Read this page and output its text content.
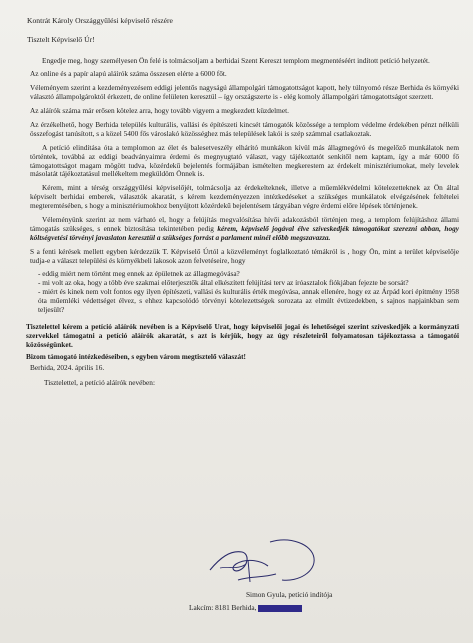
Kontrát Károly Országgyűlési képviselő részére
Tisztelt Képviselő Úr!

Engedje meg, hogy személyesen Ön felé is tolmácsoljam a berhidai Szent Kereszt templom megmentéséért indított petíció helyzetét.

Az online és a papír alapú aláírók száma összesen elérte a 6000 főt.

Véleményem szerint a kezdeményezésem eddigi jelentős nagyságú állampolgári támogatottságot kapott, hely túlnyomó része Berhida és környéki választó állampolgároktól érkezett, de online felületen keresztül – így országszerte is - elég komoly állampolgári támogatottságot szerzett.

Az aláírók száma már erősen kötelez arra, hogy tovább vigyem a megkezdett küzdelmet.

Az érzékelhető, hogy Berhida település kulturális, vallási és építészeti kincsét támogatók közössége a templom védelme érdekében pénzt nélküli összefogást tanúsított, s a közel 5400 fős városlakó közösséghez más települések lakói is szép számmal csatlakoztak.

A petíció elindítása óta a templomon az élet és balesetveszély elhárító munkákon kívül más állagmegóvó és megelőző munkálatok nem történtek, továbbá az eddigi beadványaimra érdemi és megnyugtató választ, vagy tájékoztatót senkitől nem kaptam, így a már 6000 fő támogatottságot magam mögött tudva, közérdekű bejelentés formájában ismételten megkerestem az érdekelt minisztériumokat, mely levelek másolatát tájékoztatásul mellékeltem megküldöm Önnek is.

Kérem, mint a térség országgyűlési képviselőjét, tolmácsolja az érdekelteknek, illetve a műemlékvédelmi kötelezetteknek az Ön által képviselt berhidai emberek, választók akaratát, s kérem kezdeményezzen intézkedéseket a szükséges munkálatok elvégzésének feltételei megteremtésében, s hogy a minisztériumokhoz benyújtott közérdekű bejelentésem tárgyában végre érdemi előre lépések történjenek.

Véleményünk szerint az nem várható el, hogy a felújítás megvalósítása hívői adakozásból történjen meg, a templom felújításhoz állami támogatás szükséges, s ennek biztosítása tekintetében pedig kérem, képviselő jogával élve szíveskedjék támogatókat szerezni abban, hogy költségvetési törvényi javaslaton keresztül a szükséges forrást a parlament minél előbb megszavazza.

S a fenti kérések mellett egyben kérdezzük T. Képviselő Úrtól a közvéleményt foglalkoztató témákról is , hogy Ön, mint a terület képviselője tudja-e a választ települési és környékbeli lakosok azon felvetéseire, hogy

- eddig miért nem történt meg ennek az épületnek az állagmegóvása?
- mi volt az oka, hogy a több éve szakmai előterjesztők által elkészített felújítási terv az íróasztalok fiókjában fejezte be sorsát?
- miért és kinek nem volt fontos egy ilyen építészeti, vallási és kulturális érték megóvása, annak ellenére, hogy ez az Árpád kori építmény 1958 óta műemléki védettséget élvez, s ehhez kapcsolódó törvényi kötelezettségek sorozata az elmúlt évtizedekben, s sajnos napjainkban sem teljesült?

Tisztelettel kérem a petíció aláírók nevében is a Képviselő Urat, hogy képviselői jogai és lehetőségei szerint szíveskedjék a kormányzati szervekkel támogatni a petíció aláírók akaratát, s azt is kérjük, hogy az úgy részleteiről folyamatosan tájékoztassa a támogatói közösségünket.

Bizom támogató intézkedéseiben, s egyben várom megtisztelő válaszát!

Berhida, 2024. április 16.
Tisztelettel, a petíció aláírók nevében:
Simon Gyula, petíció indítója
Lakcím: 8181 Berhida,
